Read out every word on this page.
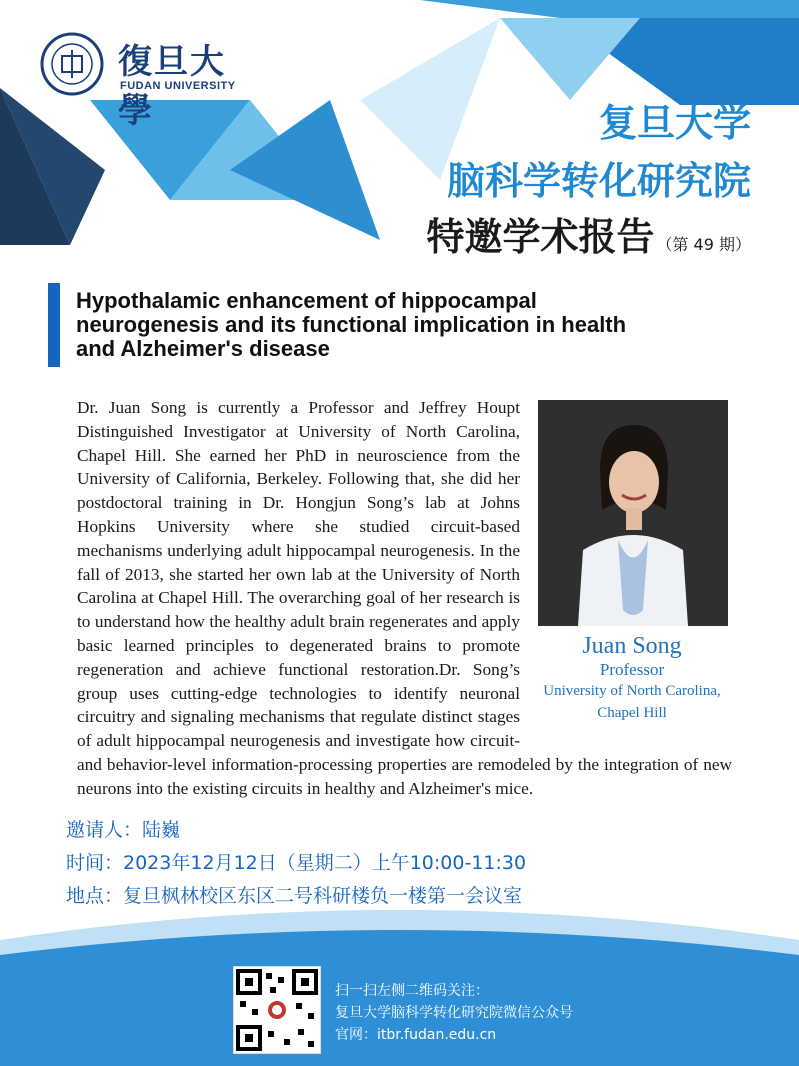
復旦大學
FUDAN UNIVERSITY
复旦大学
脑科学转化研究院
特邀学术报告 （第 49 期）
Hypothalamic enhancement of hippocampal neurogenesis and its functional implication in health and Alzheimer's disease
Juan Song
Professor
University of North Carolina,
Chapel Hill
Dr. Juan Song is currently a Professor and Jeffrey Houpt Distinguished Investigator at University of North Carolina, Chapel Hill. She earned her PhD in neuroscience from the University of California, Berkeley. Following that, she did her postdoctoral training in Dr. Hongjun Song’s lab at Johns Hopkins University where she studied circuit-based mechanisms underlying adult hippocampal neurogenesis. In the fall of 2013, she started her own lab at the University of North Carolina at Chapel Hill. The overarching goal of her research is to understand how the healthy adult brain regenerates and apply basic learned principles to degenerated brains to promote regeneration and achieve functional restoration.Dr. Song’s group uses cutting-edge technologies to identify neuronal circuitry and signaling mechanisms that regulate distinct stages of adult hippocampal neurogenesis and investigate how circuit- and behavior-level information-processing properties are remodeled by the integration of new neurons into the existing circuits in healthy and Alzheimer's mice.
邀请人：陆巍
时间：2023年12月12日（星期二）上午10:00-11:30
地点：复旦枫林校区东区二号科研楼负一楼第一会议室
扫一扫左侧二维码关注：
复旦大学脑科学转化研究院微信公众号
官网：itbr.fudan.edu.cn
